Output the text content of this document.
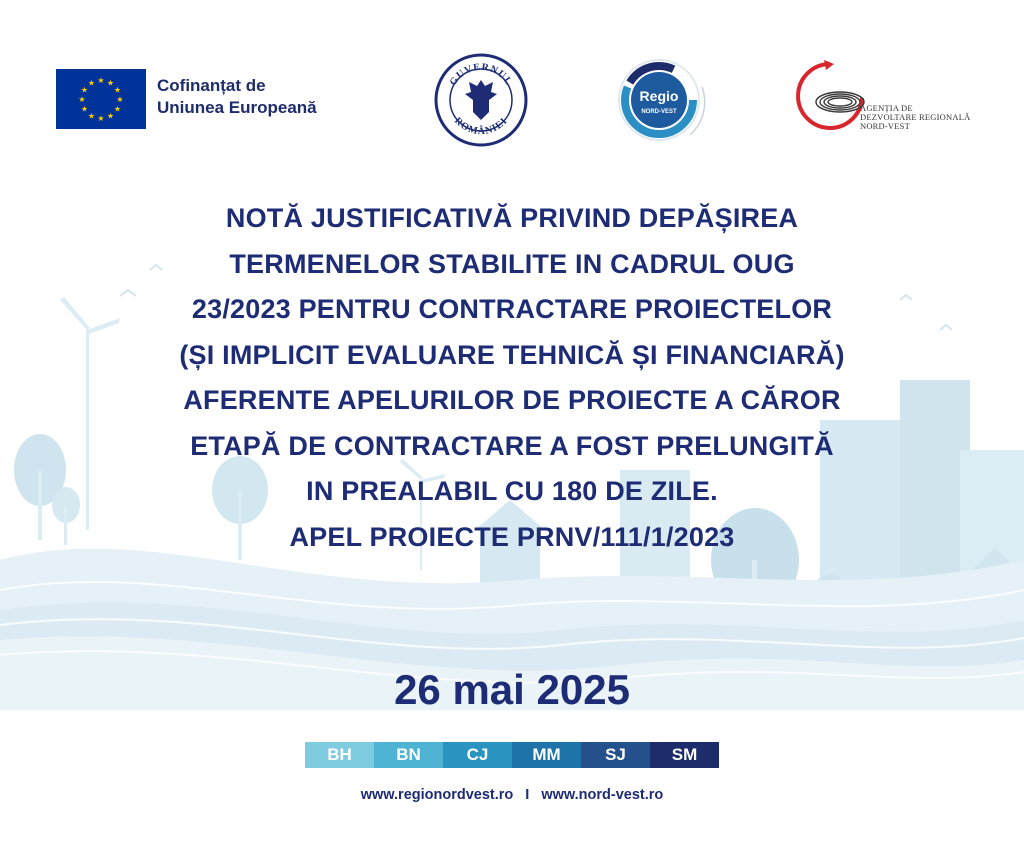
★ ★
★
★
★
★
★
★
★
★
★
★	Cofinanțat de
Uniunea Europeană
GUVERNUL
ROMÂNIEI
Regio
NORD-VEST	AGENȚIA DE
DEZVOLTARE REGIONALĂ
NORD-VEST
NOTĂ JUSTIFICATIVĂ PRIVIND DEPĂȘIREA
TERMENELOR STABILITE IN CADRUL OUG
23/2023 PENTRU CONTRACTARE PROIECTELOR
(ȘI IMPLICIT EVALUARE TEHNICĂ ȘI FINANCIARĂ)
AFERENTE APELURILOR DE PROIECTE A CĂROR
ETAPĂ DE CONTRACTARE A FOST PRELUNGITĂ
IN PREALABIL CU 180 DE ZILE.
APEL PROIECTE PRNV/111/1/2023
26 mai 2025
BH	BN	CJ	MM	SJ	SM
www.regionordvest.ro I www.nord-vest.ro
